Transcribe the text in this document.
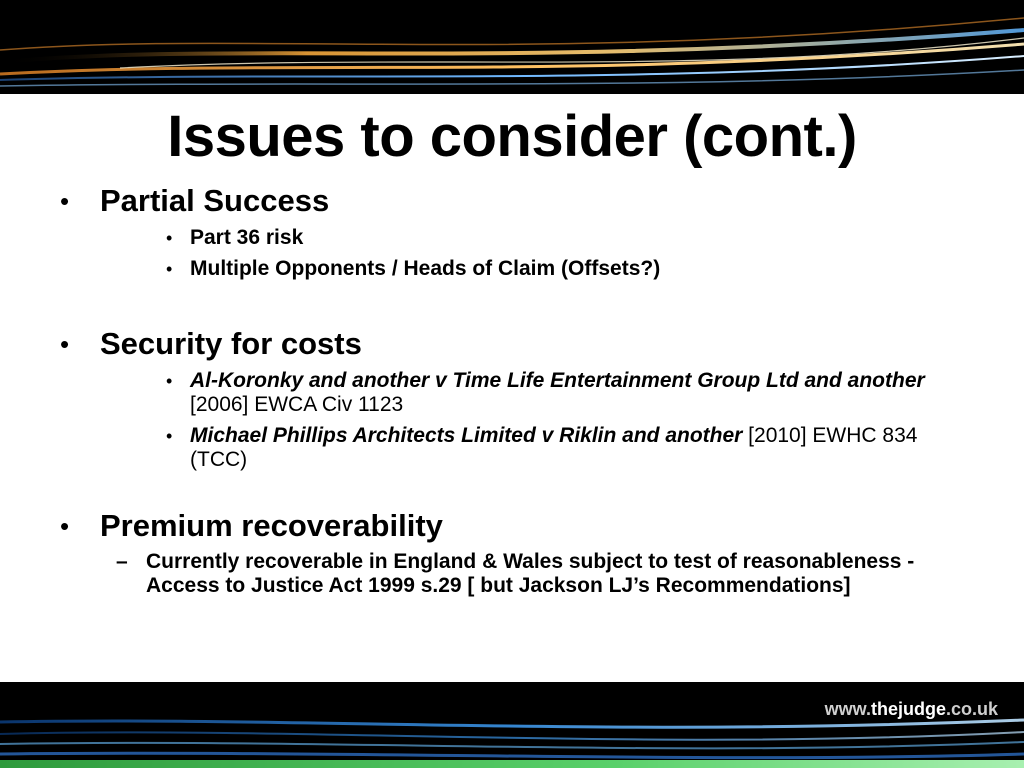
Issues to consider (cont.)
• Partial Success
• Part 36 risk
• Multiple Opponents / Heads of Claim (Offsets?)
• Security for costs
• Al-Koronky and another v Time Life Entertainment Group Ltd and another [2006] EWCA Civ 1123
• Michael Phillips Architects Limited v Riklin and another [2010] EWHC 834 (TCC)
• Premium recoverability
– Currently recoverable in England & Wales subject to test of reasonableness - Access to Justice Act 1999 s.29 [ but Jackson LJ’s Recommendations]
www.thejudge.co.uk
